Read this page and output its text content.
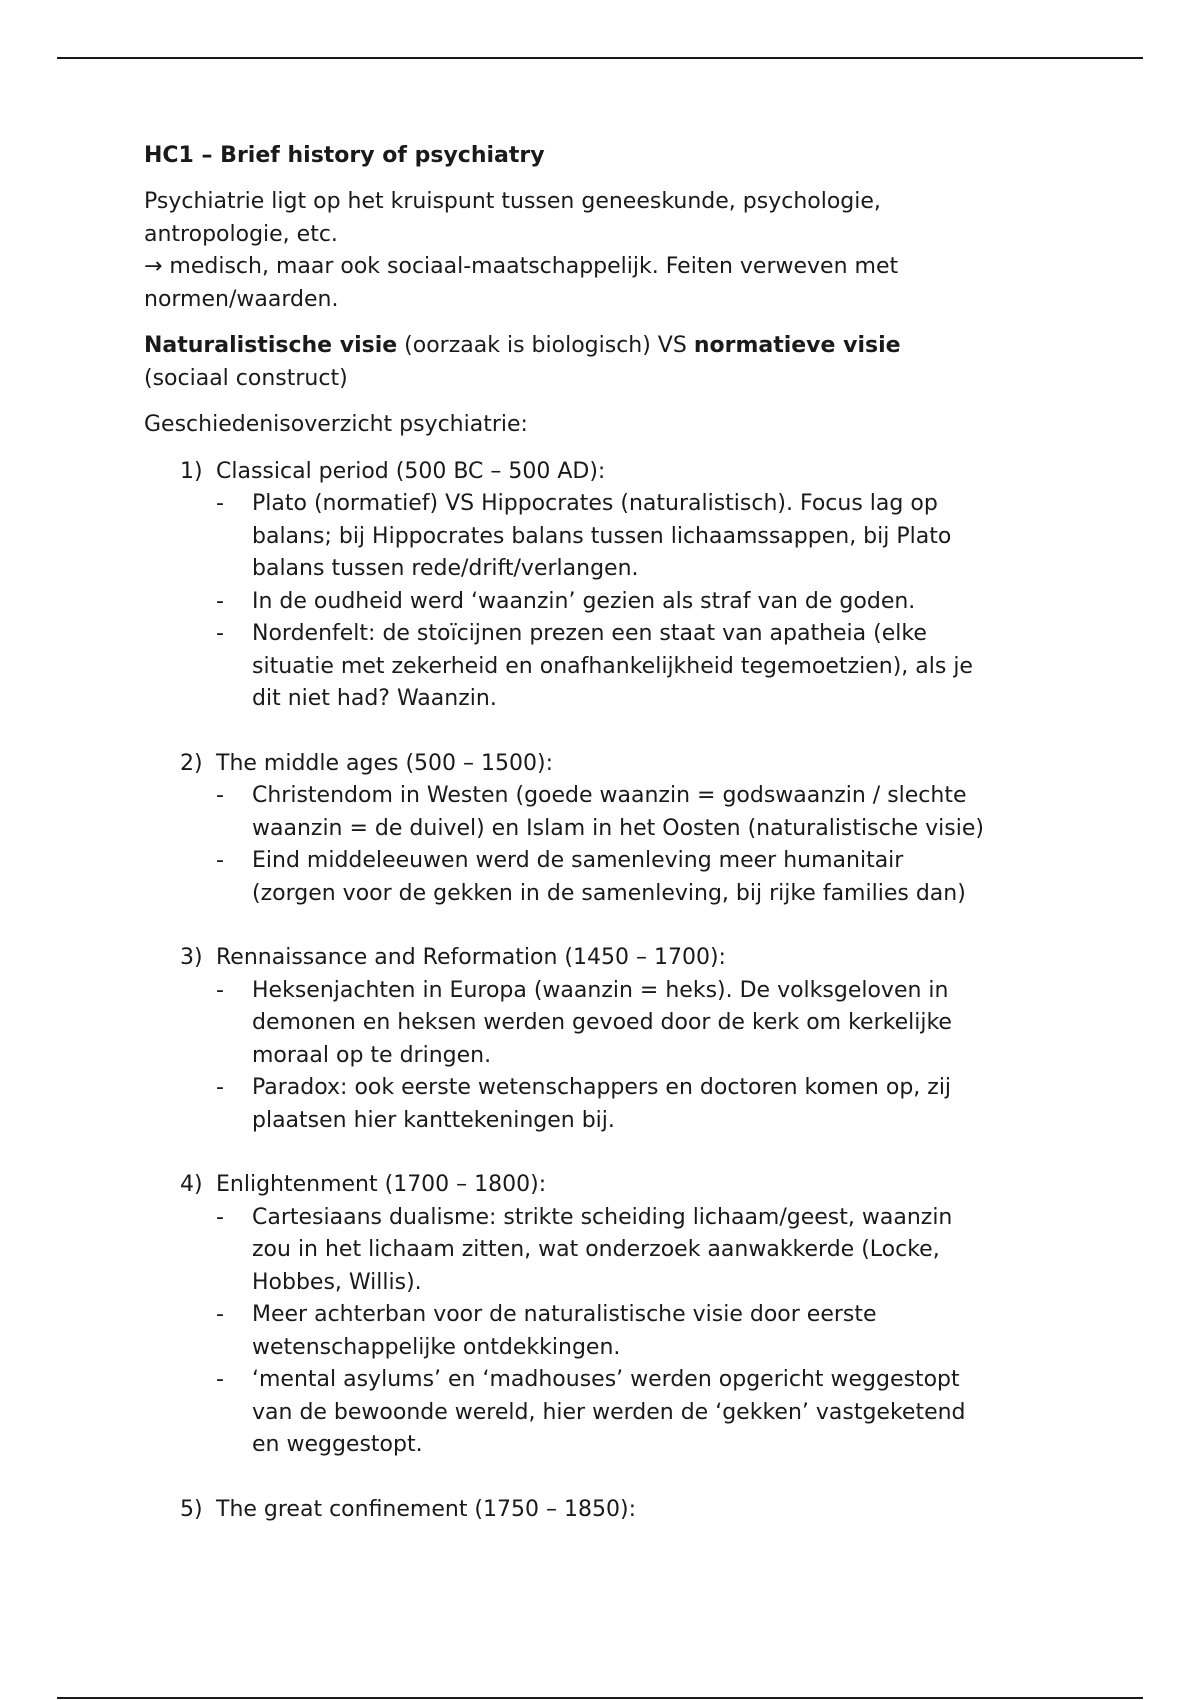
HC1 – Brief history of psychiatry

Psychiatrie ligt op het kruispunt tussen geneeskunde, psychologie,
antropologie, etc.
→ medisch, maar ook sociaal-maatschappelijk. Feiten verweven met
normen/waarden.

Naturalistische visie (oorzaak is biologisch) VS normatieve visie
(sociaal construct)

Geschiedenisoverzicht psychiatrie:

1) Classical period (500 BC – 500 AD):
- Plato (normatief) VS Hippocrates (naturalistisch). Focus lag op
balans; bij Hippocrates balans tussen lichaamssappen, bij Plato
balans tussen rede/drift/verlangen.
- In de oudheid werd ‘waanzin’ gezien als straf van de goden.
- Nordenfelt: de stoïcijnen prezen een staat van apatheia (elke
situatie met zekerheid en onafhankelijkheid tegemoetzien), als je
dit niet had? Waanzin.
2) The middle ages (500 – 1500):
- Christendom in Westen (goede waanzin = godswaanzin / slechte
waanzin = de duivel) en Islam in het Oosten (naturalistische visie)
- Eind middeleeuwen werd de samenleving meer humanitair
(zorgen voor de gekken in de samenleving, bij rijke families dan)
3) Rennaissance and Reformation (1450 – 1700):
- Heksenjachten in Europa (waanzin = heks). De volksgeloven in
demonen en heksen werden gevoed door de kerk om kerkelijke
moraal op te dringen.
- Paradox: ook eerste wetenschappers en doctoren komen op, zij
plaatsen hier kanttekeningen bij.
4) Enlightenment (1700 – 1800):
- Cartesiaans dualisme: strikte scheiding lichaam/geest, waanzin
zou in het lichaam zitten, wat onderzoek aanwakkerde (Locke,
Hobbes, Willis).
- Meer achterban voor de naturalistische visie door eerste
wetenschappelijke ontdekkingen.
- ‘mental asylums’ en ‘madhouses’ werden opgericht weggestopt
van de bewoonde wereld, hier werden de ‘gekken’ vastgeketend
en weggestopt.
5) The great confinement (1750 – 1850):
